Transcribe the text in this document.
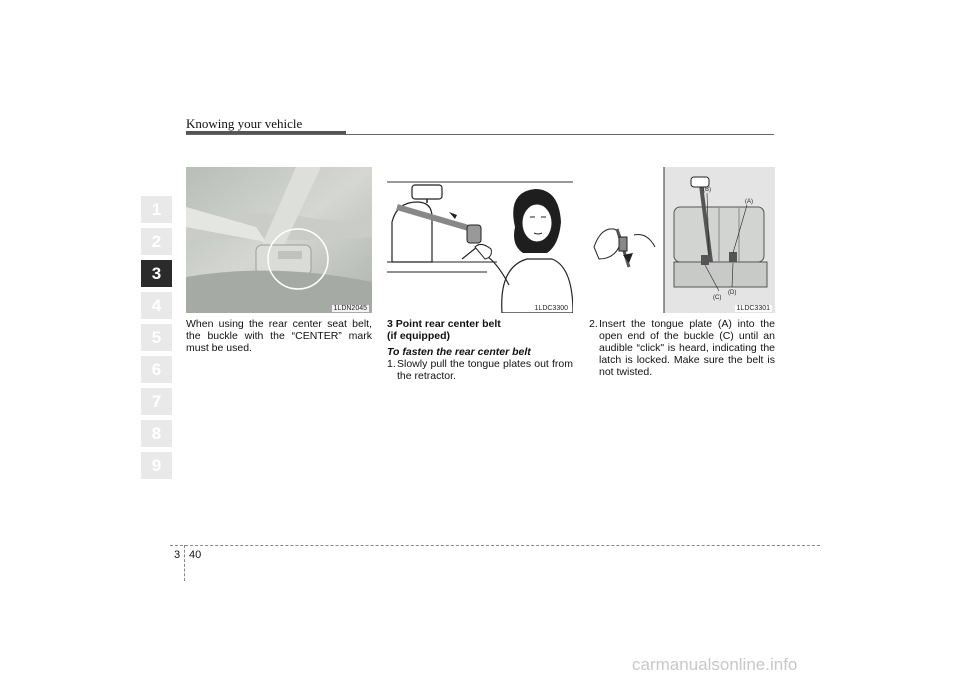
Knowing your vehicle
1
2
3
4
5
6
7
8
9
1LDN2045	1LDC3300
(B)
(A)
(C)
(D)
1LDC3301

When using the rear center seat belt, the buckle with the “CENTER” mark must be used.

3 Point rear center belt
(if equipped)
To fasten the rear center belt
1. Slowly pull the tongue plates out from the retractor.
2. Insert the tongue plate (A) into the open end of the buckle (C) until an audible “click" is heard, indicating the latch is locked. Make sure the belt is not twisted.
3 40
carmanualsonline.info
